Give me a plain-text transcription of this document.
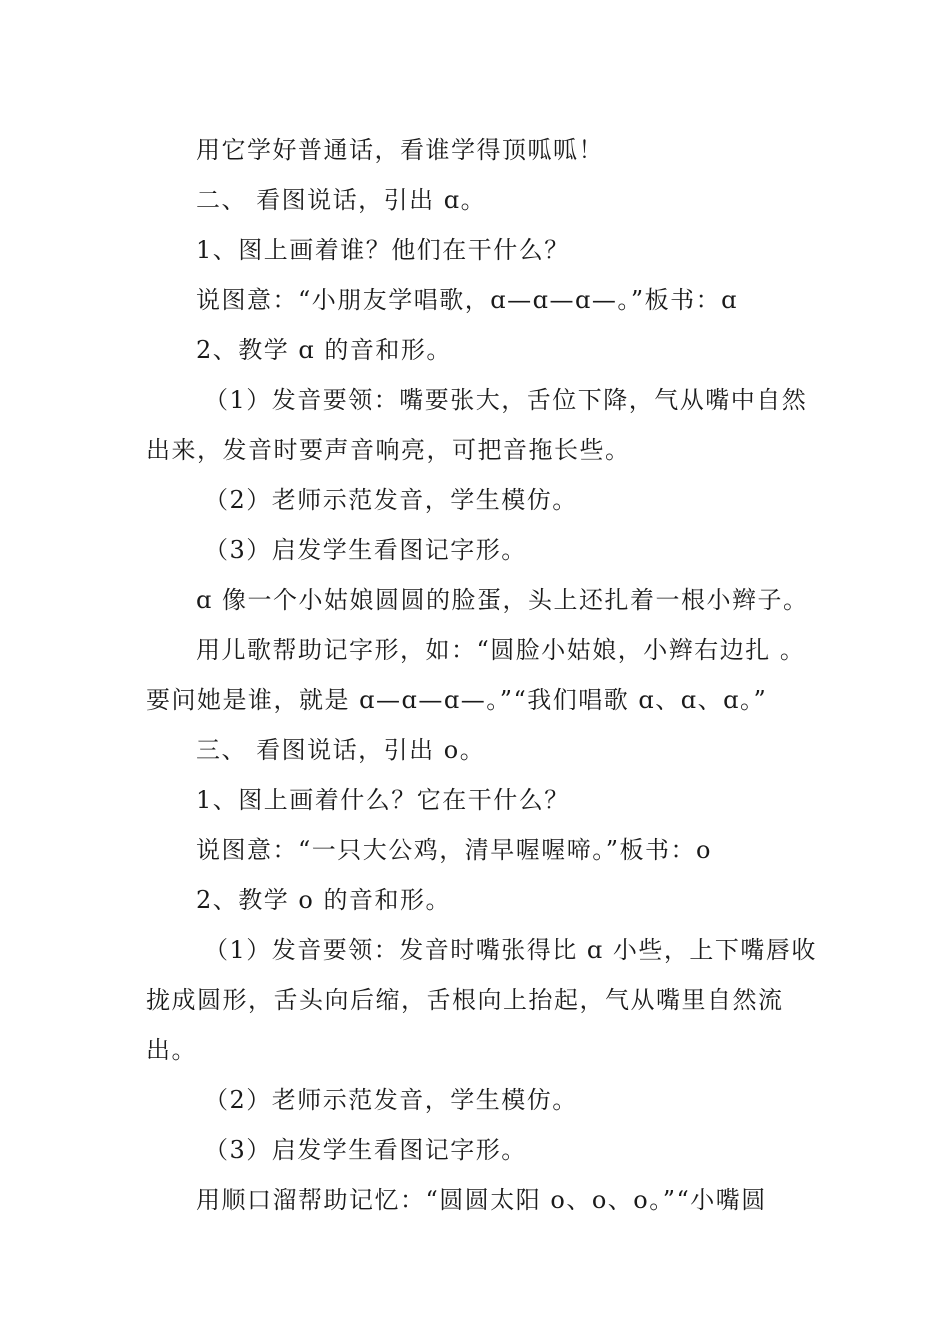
用它学好普通话，看谁学得顶呱呱！
二、 看图说话，引出 ɑ。
1、图上画着谁？他们在干什么？
说图意：“小朋友学唱歌，ɑ—ɑ—ɑ—。”板书：ɑ
2、教学 ɑ 的音和形。
（1）发音要领：嘴要张大，舌位下降，气从嘴中自然
出来，发音时要声音响亮，可把音拖长些。
（2）老师示范发音，学生模仿。
（3）启发学生看图记字形。
ɑ 像一个小姑娘圆圆的脸蛋，头上还扎着一根小辫子。
用儿歌帮助记字形，如：“圆脸小姑娘，小辫右边扎 。
要问她是谁，就是 ɑ—ɑ—ɑ—。”“我们唱歌 ɑ、ɑ、ɑ。”
三、 看图说话，引出 o。
1、图上画着什么？它在干什么？
说图意：“一只大公鸡，清早喔喔啼。”板书：o
2、教学 o 的音和形。
（1）发音要领：发音时嘴张得比 ɑ 小些，上下嘴唇收
拢成圆形，舌头向后缩，舌根向上抬起，气从嘴里自然流
出。
（2）老师示范发音，学生模仿。
（3）启发学生看图记字形。
用顺口溜帮助记忆：“圆圆太阳 o、o、o。”“小嘴圆
